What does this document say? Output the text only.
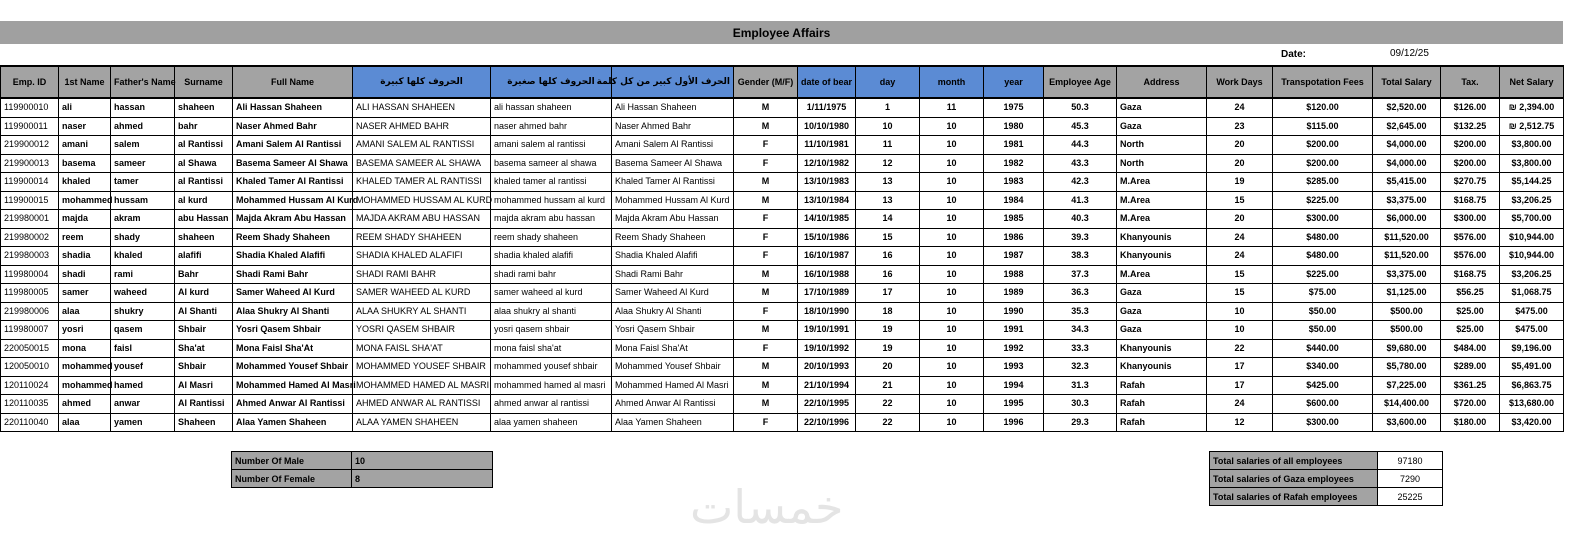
Employee Affairs
Date:	09/12/25
Emp. ID	1st Name	Father's Name	Surname	Full Name	الحروف كلها كبيرة	الحروف كلها صغيرة	الحرف الأول كبير من كل كلمة	Gender (M/F)	date of bear	day	month	year	Employee Age	Address	Work Days	Transpotation Fees	Total Salary	Tax.	Net Salary
119900010	ali	hassan	shaheen	Ali Hassan Shaheen	ALI HASSAN SHAHEEN	ali hassan shaheen	Ali Hassan Shaheen	M	1/11/1975	1	11	1975	50.3	Gaza	24	$120.00	$2,520.00	$126.00	₪ 2,394.00
119900011	naser	ahmed	bahr	Naser Ahmed Bahr	NASER AHMED BAHR	naser ahmed bahr	Naser Ahmed Bahr	M	10/10/1980	10	10	1980	45.3	Gaza	23	$115.00	$2,645.00	$132.25	₪ 2,512.75
219900012	amani	salem	al Rantissi	Amani Salem Al Rantissi	AMANI SALEM AL RANTISSI	amani salem al rantissi	Amani Salem Al Rantissi	F	11/10/1981	11	10	1981	44.3	North	20	$200.00	$4,000.00	$200.00	$3,800.00
219900013	basema	sameer	al Shawa	Basema Sameer Al Shawa	BASEMA SAMEER AL SHAWA	basema sameer al shawa	Basema Sameer Al Shawa	F	12/10/1982	12	10	1982	43.3	North	20	$200.00	$4,000.00	$200.00	$3,800.00
119900014	khaled	tamer	al Rantissi	Khaled Tamer Al Rantissi	KHALED TAMER AL RANTISSI	khaled tamer al rantissi	Khaled Tamer Al Rantissi	M	13/10/1983	13	10	1983	42.3	M.Area	19	$285.00	$5,415.00	$270.75	$5,144.25
119900015	mohammed	hussam	al kurd	Mohammed Hussam Al Kurd	MOHAMMED HUSSAM AL KURD	mohammed hussam al kurd	Mohammed Hussam Al Kurd	M	13/10/1984	13	10	1984	41.3	M.Area	15	$225.00	$3,375.00	$168.75	$3,206.25
219980001	majda	akram	abu Hassan	Majda Akram Abu Hassan	MAJDA AKRAM ABU HASSAN	majda akram abu hassan	Majda Akram Abu Hassan	F	14/10/1985	14	10	1985	40.3	M.Area	20	$300.00	$6,000.00	$300.00	$5,700.00
219980002	reem	shady	shaheen	Reem Shady Shaheen	REEM SHADY SHAHEEN	reem shady shaheen	Reem Shady Shaheen	F	15/10/1986	15	10	1986	39.3	Khanyounis	24	$480.00	$11,520.00	$576.00	$10,944.00
219980003	shadia	khaled	alafifi	Shadia Khaled Alafifi	SHADIA KHALED ALAFIFI	shadia khaled alafifi	Shadia Khaled Alafifi	F	16/10/1987	16	10	1987	38.3	Khanyounis	24	$480.00	$11,520.00	$576.00	$10,944.00
119980004	shadi	rami	Bahr	Shadi Rami Bahr	SHADI RAMI BAHR	shadi rami bahr	Shadi Rami Bahr	M	16/10/1988	16	10	1988	37.3	M.Area	15	$225.00	$3,375.00	$168.75	$3,206.25
119980005	samer	waheed	Al kurd	Samer Waheed Al Kurd	SAMER WAHEED AL KURD	samer waheed al kurd	Samer Waheed Al Kurd	M	17/10/1989	17	10	1989	36.3	Gaza	15	$75.00	$1,125.00	$56.25	$1,068.75
219980006	alaa	shukry	Al Shanti	Alaa Shukry Al Shanti	ALAA SHUKRY AL SHANTI	alaa shukry al shanti	Alaa Shukry Al Shanti	F	18/10/1990	18	10	1990	35.3	Gaza	10	$50.00	$500.00	$25.00	$475.00
119980007	yosri	qasem	Shbair	Yosri Qasem Shbair	YOSRI QASEM SHBAIR	yosri qasem shbair	Yosri Qasem Shbair	M	19/10/1991	19	10	1991	34.3	Gaza	10	$50.00	$500.00	$25.00	$475.00
220050015	mona	faisl	Sha'at	Mona Faisl Sha'At	MONA FAISL SHA'AT	mona faisl sha'at	Mona Faisl Sha'At	F	19/10/1992	19	10	1992	33.3	Khanyounis	22	$440.00	$9,680.00	$484.00	$9,196.00
120050010	mohammed	yousef	Shbair	Mohammed Yousef Shbair	MOHAMMED YOUSEF SHBAIR	mohammed yousef shbair	Mohammed Yousef Shbair	M	20/10/1993	20	10	1993	32.3	Khanyounis	17	$340.00	$5,780.00	$289.00	$5,491.00
120110024	mohammed	hamed	Al Masri	Mohammed Hamed Al Masri	MOHAMMED HAMED AL MASRI	mohammed hamed al masri	Mohammed Hamed Al Masri	M	21/10/1994	21	10	1994	31.3	Rafah	17	$425.00	$7,225.00	$361.25	$6,863.75
120110035	ahmed	anwar	Al Rantissi	Ahmed Anwar Al Rantissi	AHMED ANWAR AL RANTISSI	ahmed anwar al rantissi	Ahmed Anwar Al Rantissi	M	22/10/1995	22	10	1995	30.3	Rafah	24	$600.00	$14,400.00	$720.00	$13,680.00
220110040	alaa	yamen	Shaheen	Alaa Yamen Shaheen	ALAA YAMEN SHAHEEN	alaa yamen shaheen	Alaa Yamen Shaheen	F	22/10/1996	22	10	1996	29.3	Rafah	12	$300.00	$3,600.00	$180.00	$3,420.00
Number Of Male	10
Number Of Female	8
Total salaries of all employees	97180
Total salaries of Gaza employees	7290
Total salaries of Rafah employees	25225
خمسات
